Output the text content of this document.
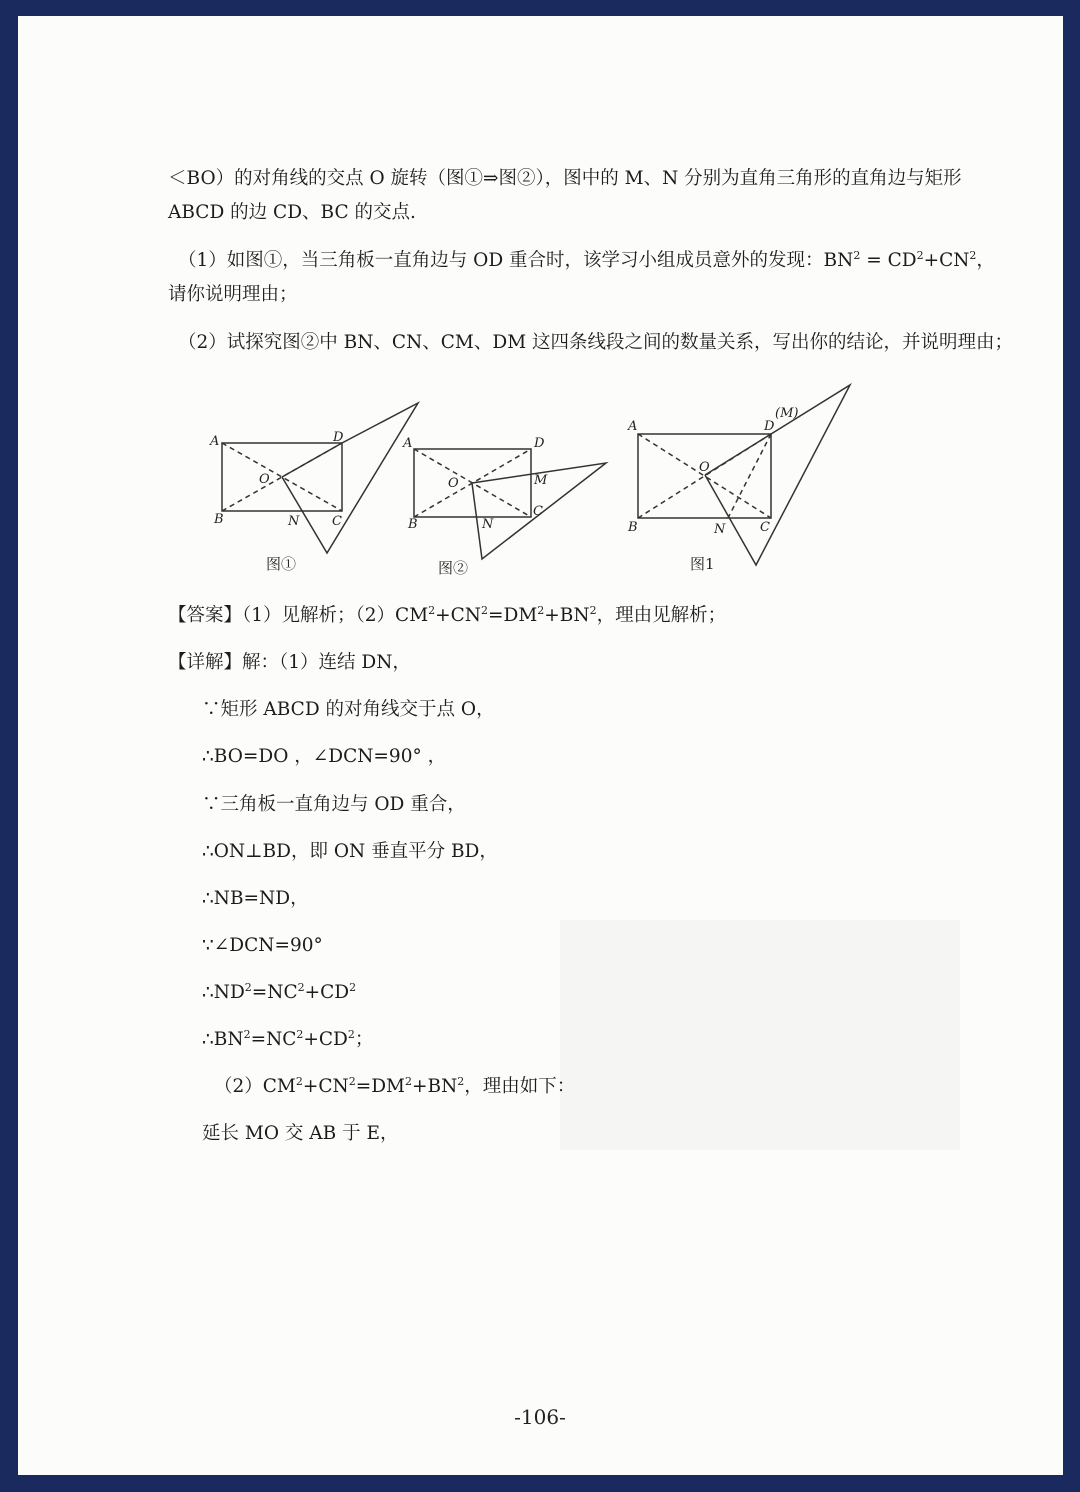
＜BO）的对角线的交点 O 旋转（图①⇒图②），图中的 M、N 分别为直角三角形的直角边与矩形
ABCD 的边 CD、BC 的交点.
（1）如图①，当三角板一直角边与 OD 重合时，该学习小组成员意外的发现：$BN^2 = CD^2+CN^2$，
请你说明理由；
（2）试探究图②中 BN、CN、CM、DM 这四条线段之间的数量关系，写出你的结论，并说明理由；
A	D
O
B	N	C
图①
A	D
O	M
B	N
C
图②
A	D
(M)
O
B	N	C
图1
【答案】（1）见解析；$(2)CM^2+CN^2=DM^2+BN^2$，理由见解析；
【详解】解：（1）连结 DN，
∵矩形 ABCD 的对角线交于点 O，
∴BO=DO ，∠DCN=90° ，
∵三角板一直角边与 OD 重合，
∴ON⊥BD，即 ON 垂直平分 BD，
∴NB=ND，
∵∠DCN=90°
$\therefore ND^2=NC^2+CD^2$
$\therefore BN^2=NC^2+CD^2$；
$(2)CM^2+CN^2=DM^2+BN^2$，理由如下：
延长 MO 交 AB 于 E，
-106-
